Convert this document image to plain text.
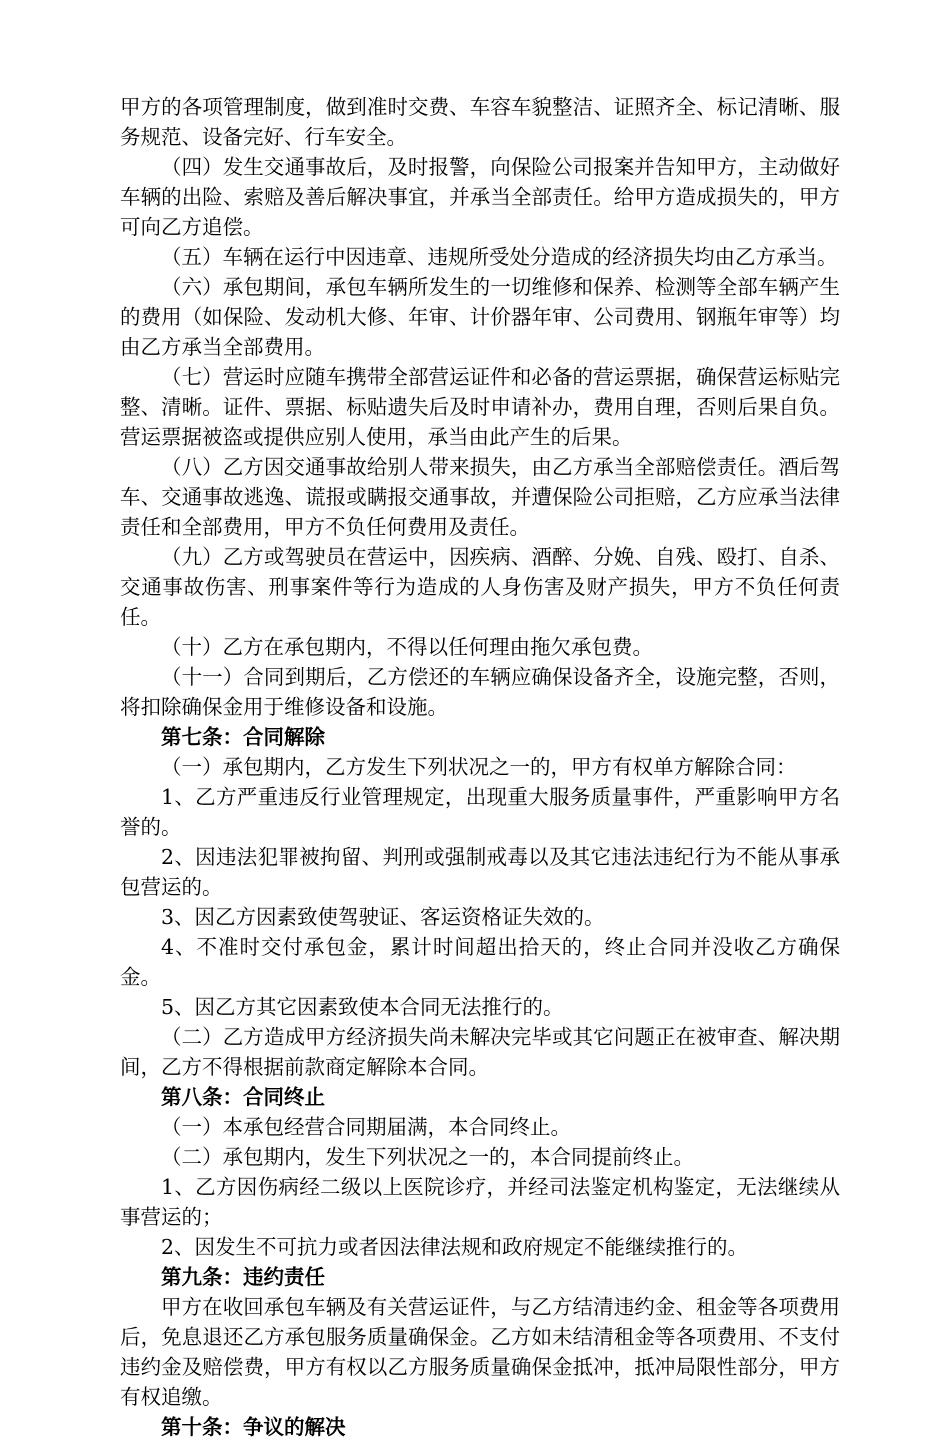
甲方的各项管理制度，做到准时交费、车容车貌整洁、证照齐全、标记清晰、服务规范、设备完好、行车安全。

（四）发生交通事故后，及时报警，向保险公司报案并告知甲方，主动做好车辆的出险、索赔及善后解决事宜，并承当全部责任。给甲方造成损失的，甲方可向乙方追偿。

（五）车辆在运行中因违章、违规所受处分造成的经济损失均由乙方承当。

（六）承包期间，承包车辆所发生的一切维修和保养、检测等全部车辆产生的费用（如保险、发动机大修、年审、计价器年审、公司费用、钢瓶年审等）均由乙方承当全部费用。

（七）营运时应随车携带全部营运证件和必备的营运票据，确保营运标贴完整、清晰。证件、票据、标贴遗失后及时申请补办，费用自理，否则后果自负。营运票据被盗或提供应别人使用，承当由此产生的后果。

（八）乙方因交通事故给别人带来损失，由乙方承当全部赔偿责任。酒后驾车、交通事故逃逸、谎报或瞒报交通事故，并遭保险公司拒赔，乙方应承当法律责任和全部费用，甲方不负任何费用及责任。

（九）乙方或驾驶员在营运中，因疾病、酒醉、分娩、自残、殴打、自杀、交通事故伤害、刑事案件等行为造成的人身伤害及财产损失，甲方不负任何责任。

（十）乙方在承包期内，不得以任何理由拖欠承包费。

（十一）合同到期后，乙方偿还的车辆应确保设备齐全，设施完整，否则，将扣除确保金用于维修设备和设施。

第七条：合同解除

（一）承包期内，乙方发生下列状况之一的，甲方有权单方解除合同：

1、乙方严重违反行业管理规定，出现重大服务质量事件，严重影响甲方名誉的。

2、因违法犯罪被拘留、判刑或强制戒毒以及其它违法违纪行为不能从事承包营运的。

3、因乙方因素致使驾驶证、客运资格证失效的。

4、不准时交付承包金，累计时间超出拾天的，终止合同并没收乙方确保金。

5、因乙方其它因素致使本合同无法推行的。

（二）乙方造成甲方经济损失尚未解决完毕或其它问题正在被审查、解决期间，乙方不得根据前款商定解除本合同。

第八条：合同终止

（一）本承包经营合同期届满，本合同终止。

（二）承包期内，发生下列状况之一的，本合同提前终止。

1、乙方因伤病经二级以上医院诊疗，并经司法鉴定机构鉴定，无法继续从事营运的；

2、因发生不可抗力或者因法律法规和政府规定不能继续推行的。

第九条：违约责任

甲方在收回承包车辆及有关营运证件，与乙方结清违约金、租金等各项费用后，免息退还乙方承包服务质量确保金。乙方如未结清租金等各项费用、不支付违约金及赔偿费，甲方有权以乙方服务质量确保金抵冲，抵冲局限性部分，甲方有权追缴。

第十条：争议的解决
